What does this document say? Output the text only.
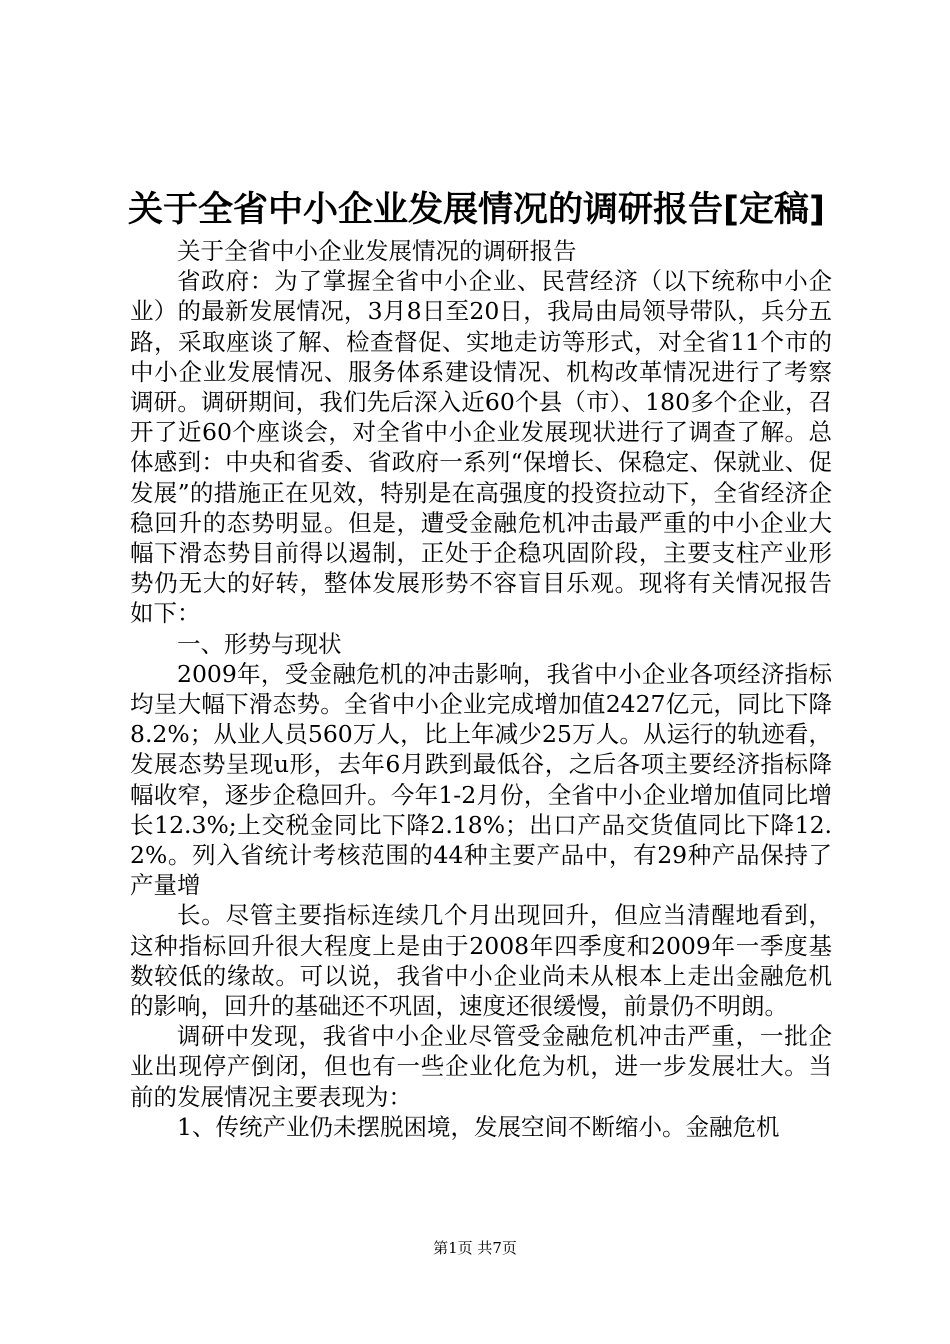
关于全省中小企业发展情况的调研报告[定稿]

关于全省中小企业发展情况的调研报告

省政府：为了掌握全省中小企业、民营经济（以下统称中小企业）的最新发展情况，3月8日至20日，我局由局领导带队，兵分五路，采取座谈了解、检查督促、实地走访等形式，对全省11个市的中小企业发展情况、服务体系建设情况、机构改革情况进行了考察调研。调研期间，我们先后深入近60个县（市）、180多个企业，召开了近60个座谈会，对全省中小企业发展现状进行了调查了解。总体感到：中央和省委、省政府一系列“保增长、保稳定、保就业、促发展”的措施正在见效，特别是在高强度的投资拉动下，全省经济企稳回升的态势明显。但是，遭受金融危机冲击最严重的中小企业大幅下滑态势目前得以遏制，正处于企稳巩固阶段，主要支柱产业形势仍无大的好转，整体发展形势不容盲目乐观。现将有关情况报告如下：

一、形势与现状

2009年，受金融危机的冲击影响，我省中小企业各项经济指标均呈大幅下滑态势。全省中小企业完成增加值2427亿元，同比下降8.2%；从业人员560万人，比上年减少25万人。从运行的轨迹看，发展态势呈现u形，去年6月跌到最低谷，之后各项主要经济指标降幅收窄，逐步企稳回升。今年1-2月份，全省中小企业增加值同比增长12.3%;上交税金同比下降2.18%；出口产品交货值同比下降12.2%。列入省统计考核范围的44种主要产品中，有29种产品保持了产量增

长。尽管主要指标连续几个月出现回升，但应当清醒地看到，这种指标回升很大程度上是由于2008年四季度和2009年一季度基数较低的缘故。可以说，我省中小企业尚未从根本上走出金融危机的影响，回升的基础还不巩固，速度还很缓慢，前景仍不明朗。

调研中发现，我省中小企业尽管受金融危机冲击严重，一批企业出现停产倒闭，但也有一些企业化危为机，进一步发展壮大。当前的发展情况主要表现为：

1、传统产业仍未摆脱困境，发展空间不断缩小。金融危机

第1页 共7页
